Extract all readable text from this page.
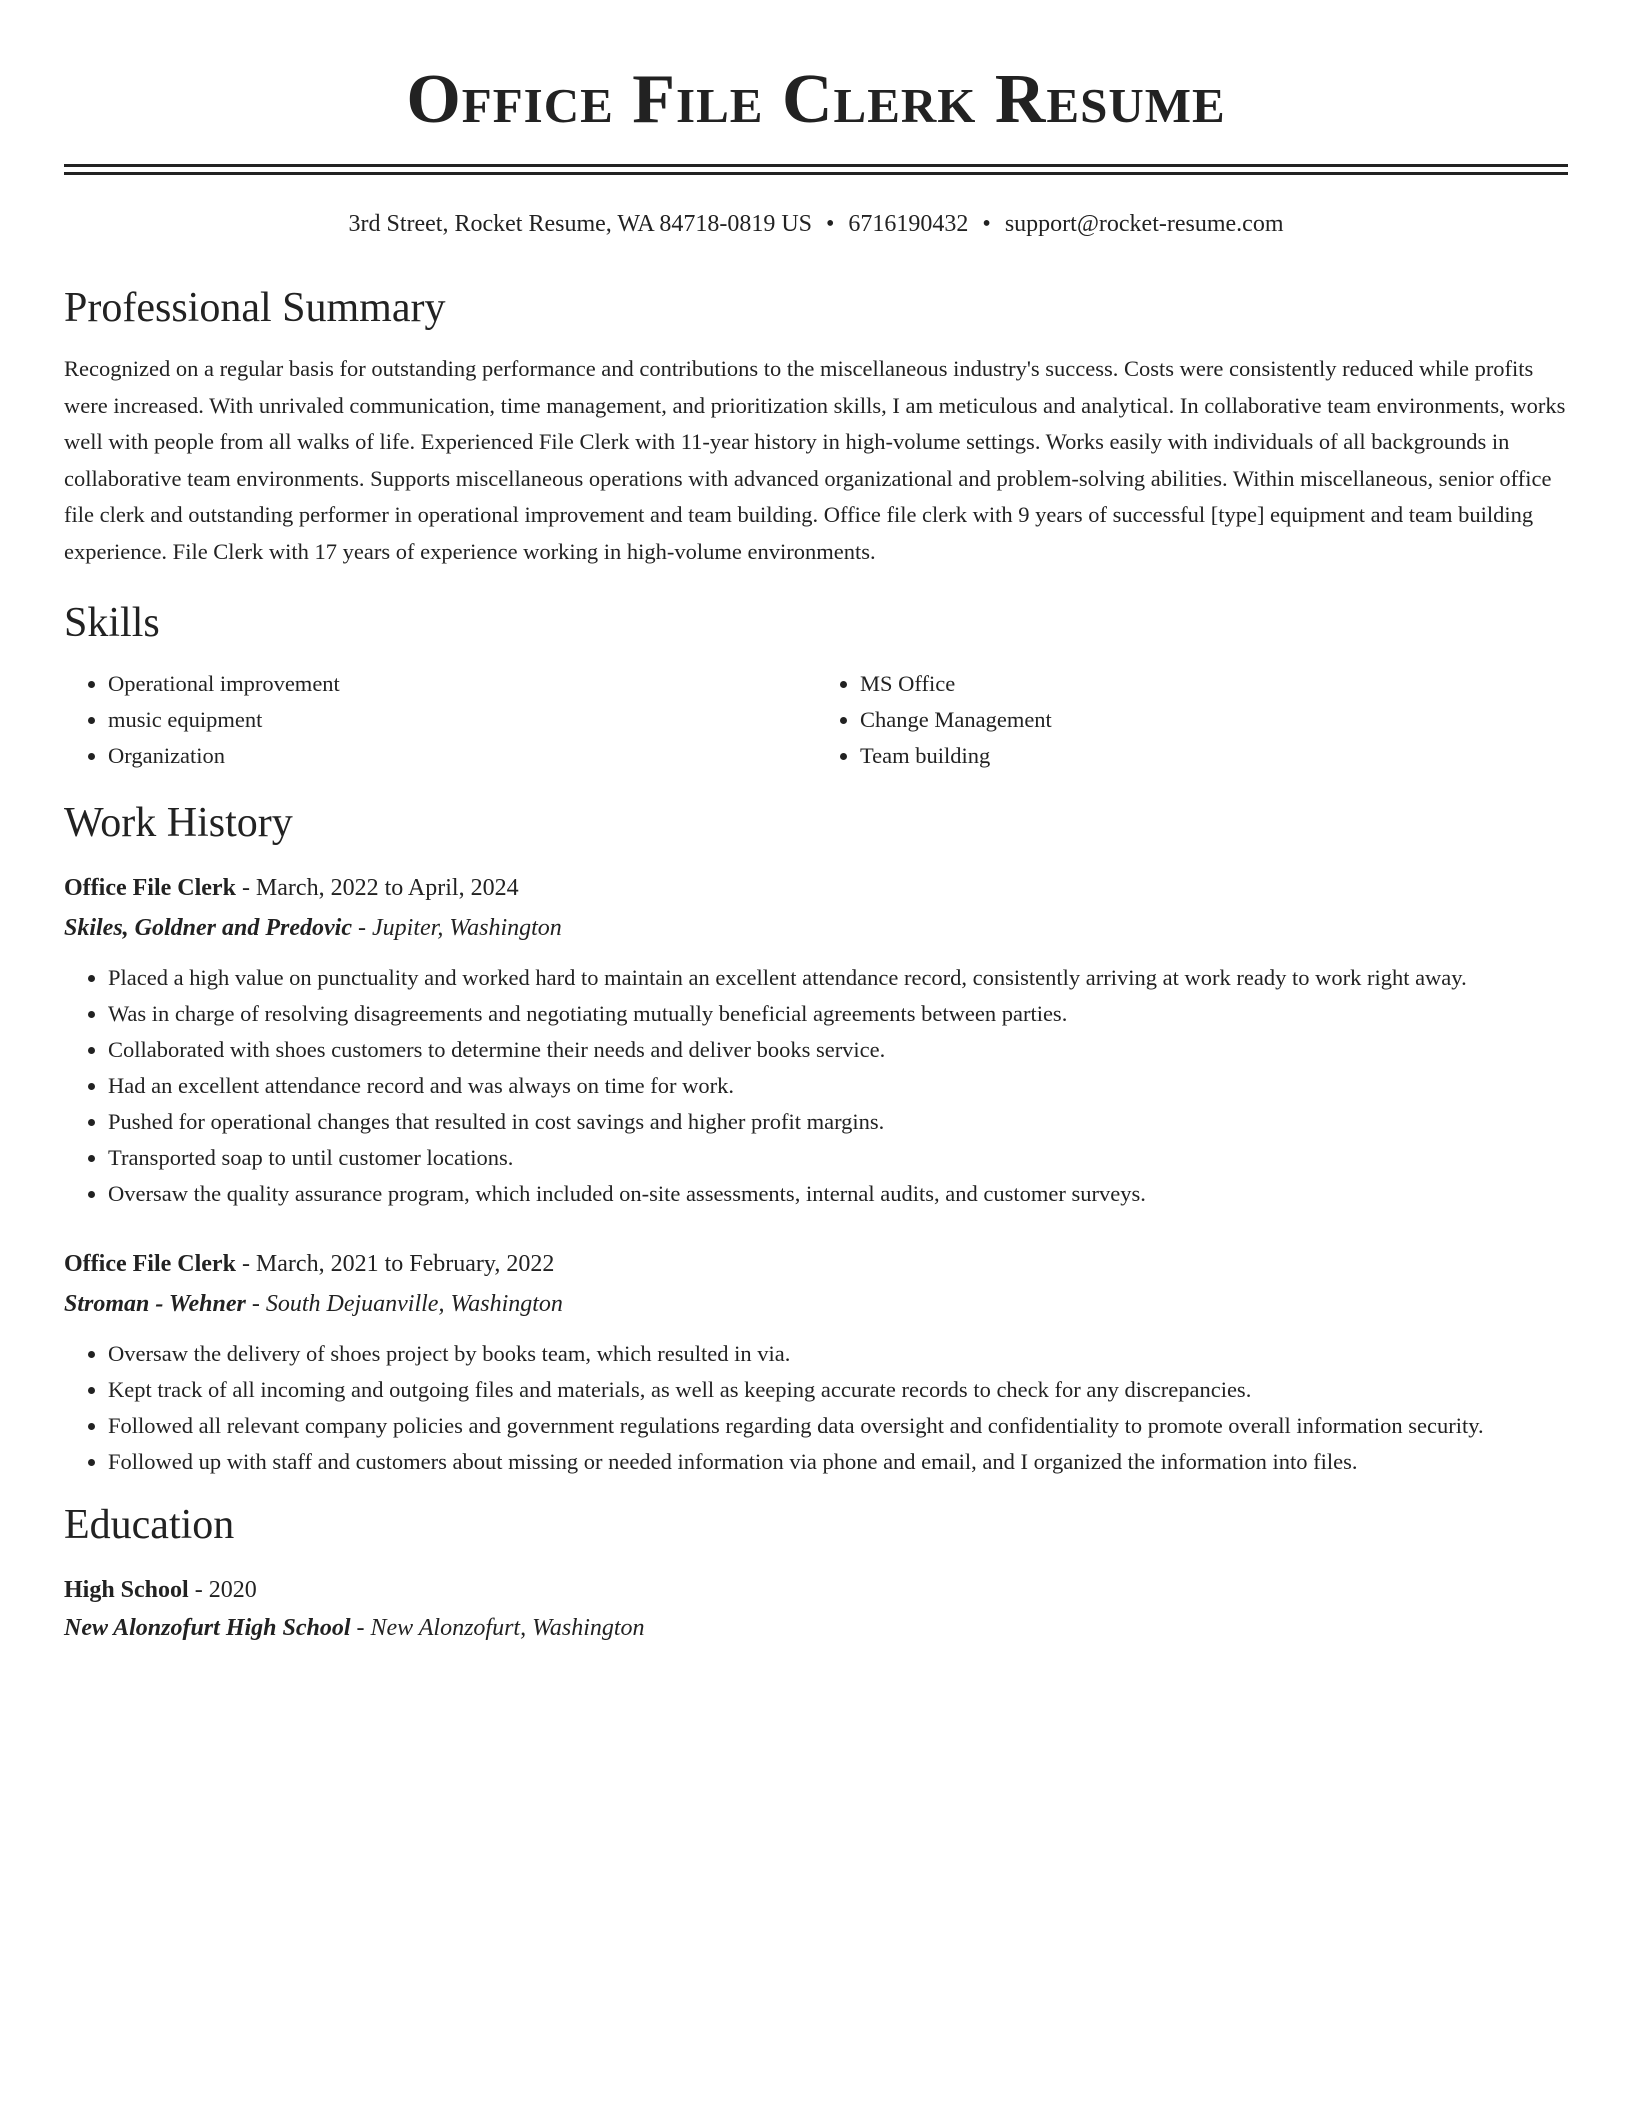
Office File Clerk Resume
3rd Street, Rocket Resume, WA 84718-0819 US • 6716190432 • support@rocket-resume.com
Professional Summary
Recognized on a regular basis for outstanding performance and contributions to the miscellaneous industry's success. Costs were consistently reduced while profits were increased. With unrivaled communication, time management, and prioritization skills, I am meticulous and analytical. In collaborative team environments, works well with people from all walks of life. Experienced File Clerk with 11-year history in high-volume settings. Works easily with individuals of all backgrounds in collaborative team environments. Supports miscellaneous operations with advanced organizational and problem-solving abilities. Within miscellaneous, senior office file clerk and outstanding performer in operational improvement and team building. Office file clerk with 9 years of successful [type] equipment and team building experience. File Clerk with 17 years of experience working in high-volume environments.
Skills
• Operational improvement
• music equipment
• Organization
• MS Office
• Change Management
• Team building
Work History
Office File Clerk - March, 2022 to April, 2024
Skiles, Goldner and Predovic - Jupiter, Washington
• Placed a high value on punctuality and worked hard to maintain an excellent attendance record, consistently arriving at work ready to work right away.
• Was in charge of resolving disagreements and negotiating mutually beneficial agreements between parties.
• Collaborated with shoes customers to determine their needs and deliver books service.
• Had an excellent attendance record and was always on time for work.
• Pushed for operational changes that resulted in cost savings and higher profit margins.
• Transported soap to until customer locations.
• Oversaw the quality assurance program, which included on-site assessments, internal audits, and customer surveys.
Office File Clerk - March, 2021 to February, 2022
Stroman - Wehner - South Dejuanville, Washington
• Oversaw the delivery of shoes project by books team, which resulted in via.
• Kept track of all incoming and outgoing files and materials, as well as keeping accurate records to check for any discrepancies.
• Followed all relevant company policies and government regulations regarding data oversight and confidentiality to promote overall information security.
• Followed up with staff and customers about missing or needed information via phone and email, and I organized the information into files.
Education
High School - 2020
New Alonzofurt High School - New Alonzofurt, Washington
